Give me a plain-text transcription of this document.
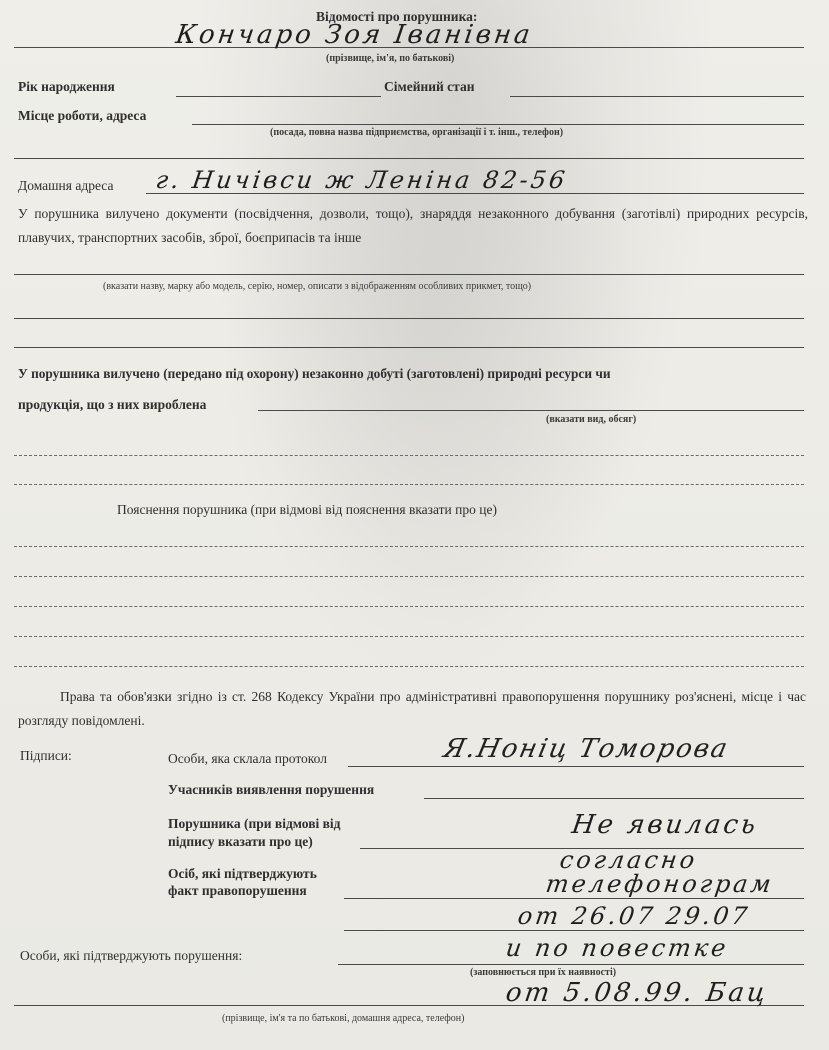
Відомості про порушника:
Кончаро Зоя Іванівна
(прізвище, ім'я, по батькові)
Рік народження	Сімейний стан
Місце роботи, адреса
(посада, повна назва підприємства, організації і т. інш., телефон)
Домашня адреса г. Ничівси ж Леніна 82-56
У порушника вилучено документи (посвідчення, дозволи, тощо), знаряддя незаконного добування (заготівлі) природних ресурсів, плавучих, транспортних засобів, зброї, боєприпасів та інше
(вказати назву, марку або модель, серію, номер, описати з відображенням особливих прикмет, тощо)
У порушника вилучено (передано під охорону) незаконно добуті (заготовлені) природні ресурси чи
продукція, що з них вироблена
(вказати вид, обсяг)
Пояснення порушника (при відмові від пояснення вказати про це)
Права та обов'язки згідно із ст. 268 Кодексу України про адміністративні правопорушення порушнику роз'яснені, місце і час розгляду повідомлені.
Підписи:	Особи, яка склала протокол	Я.Ноніц Томорова
Учасників виявлення порушення
Порушника (при відмові від
підпису вказати про це)
Не явилась
Осіб, які підтверджують
факт правопорушення
согласно
телефонограм
от 26.07 29.07
Особи, які підтверджують порушення:	и по повестке
(заповнюється при їх наявності)
от 5.08.99. Бац
(прізвище, ім'я та по батькові, домашня адреса, телефон)
